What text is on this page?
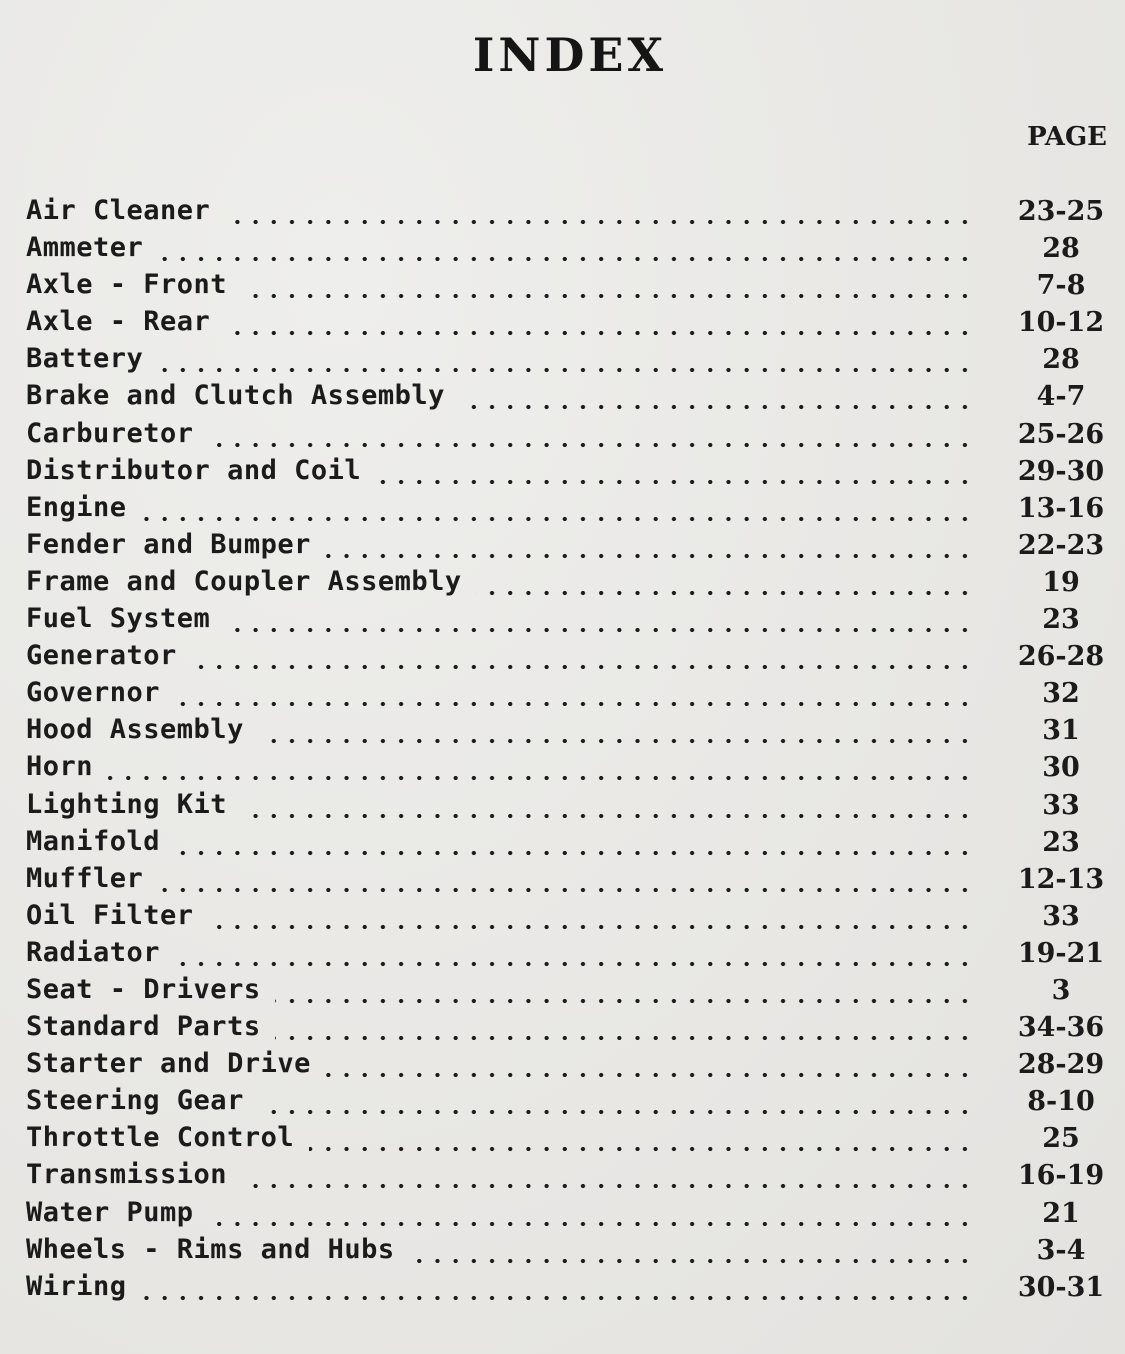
INDEX
PAGE
Air Cleaner	23-25
Ammeter	28
Axle - Front	7-8
Axle - Rear	10-12
Battery	28
Brake and Clutch Assembly	4-7
Carburetor	25-26
Distributor and Coil	29-30
Engine	13-16
Fender and Bumper	22-23
Frame and Coupler Assembly	19
Fuel System	23
Generator	26-28
Governor	32
Hood Assembly	31
Horn	30
Lighting Kit	33
Manifold	23
Muffler	12-13
Oil Filter	33
Radiator	19-21
Seat - Drivers	3
Standard Parts	34-36
Starter and Drive	28-29
Steering Gear	8-10
Throttle Control	25
Transmission	16-19
Water Pump	21
Wheels - Rims and Hubs	3-4
Wiring	30-31
